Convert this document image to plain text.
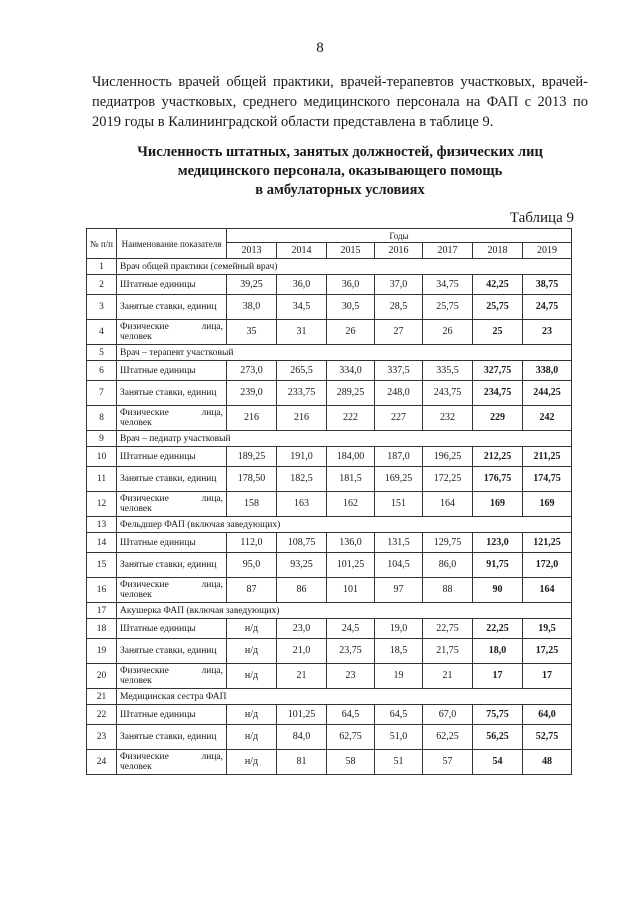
8

Численность врачей общей практики, врачей-терапевтов участковых, врачей-педиатров участковых, среднего медицинского персонала на ФАП с 2013 по 2019 годы в Калининградской области представлена в таблице 9.

Численность штатных, занятых должностей, физических лиц
медицинского персонала, оказывающего помощь
в амбулаторных условиях
Таблица 9
№ п/п	Наименование показателя	Годы						
		2013	2014	2015	2016	2017	2018	2019
1	Врач общей практики (семейный врач)							
2	Штатные единицы	39,25	36,0	36,0	37,0	34,75	42,25	38,75
3	Занятые ставки, единиц	38,0	34,5	30,5	28,5	25,75	25,75	24,75
4	Физические лица, человек	35	31	26	27	26	25	23
5	Врач – терапевт участковый							
6	Штатные единицы	273,0	265,5	334,0	337,5	335,5	327,75	338,0
7	Занятые ставки, единиц	239,0	233,75	289,25	248,0	243,75	234,75	244,25
8	Физические лица, человек	216	216	222	227	232	229	242
9	Врач – педиатр участковый							
10	Штатные единицы	189,25	191,0	184,00	187,0	196,25	212,25	211,25
11	Занятые ставки, единиц	178,50	182,5	181,5	169,25	172,25	176,75	174,75
12	Физические лица, человек	158	163	162	151	164	169	169
13	Фельдшер ФАП (включая заведующих)							
14	Штатные единицы	112,0	108,75	136,0	131,5	129,75	123,0	121,25
15	Занятые ставки, единиц	95,0	93,25	101,25	104,5	86,0	91,75	172,0
16	Физические лица, человек	87	86	101	97	88	90	164
17	Акушерка ФАП (включая заведующих)							
18	Штатные единицы	н/д	23,0	24,5	19,0	22,75	22,25	19,5
19	Занятые ставки, единиц	н/д	21,0	23,75	18,5	21,75	18,0	17,25
20	Физические лица, человек	н/д	21	23	19	21	17	17
21	Медицинская сестра ФАП							
22	Штатные единицы	н/д	101,25	64,5	64,5	67,0	75,75	64,0
23	Занятые ставки, единиц	н/д	84,0	62,75	51,0	62,25	56,25	52,75
24	Физические лица, человек	н/д	81	58	51	57	54	48
